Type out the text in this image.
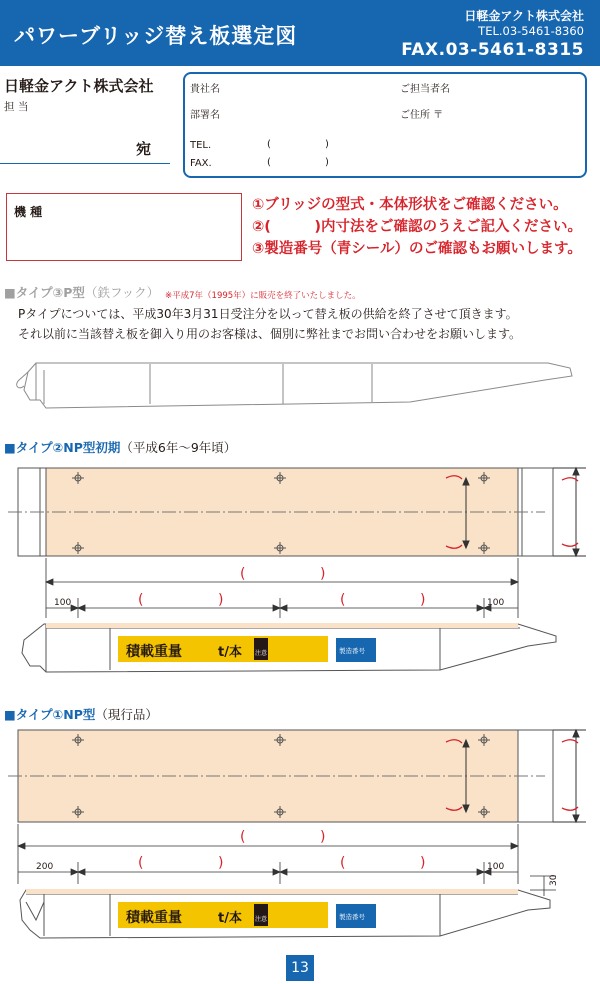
パワーブリッジ替え板選定図
日軽金アクト株式会社
TEL.03-5461-8360
FAX.03-5461-8315
日軽金アクト株式会社
担 当
宛
貴社名	ご担当者名
部署名	ご住所 〒
TEL.	(	)
FAX.	(	)
機 種	①ブリッジの型式・本体形状をご確認ください。
②(　　　)内寸法をご確認のうえご記入ください。
③製造番号（青シール）のご確認もお願いします。
■タイプ③P型（鉄フック） ※平成7年（1995年）に販売を終了いたしました。
Pタイプについては、平成30年3月31日受注分を以って替え板の供給を終了させて頂きます。
それ以前に当該替え板を御入り用のお客様は、個別に弊社までお問い合わせをお願いします。
■タイプ②NP型初期（平成6年〜9年頃）
100	100
(	)
(	)	(	)
積載重量	t/本 注意	製造番号
■タイプ①NP型（現行品）
200	100
30
(	)
(	)	(	)
積載重量	t/本 注意	製造番号
13
